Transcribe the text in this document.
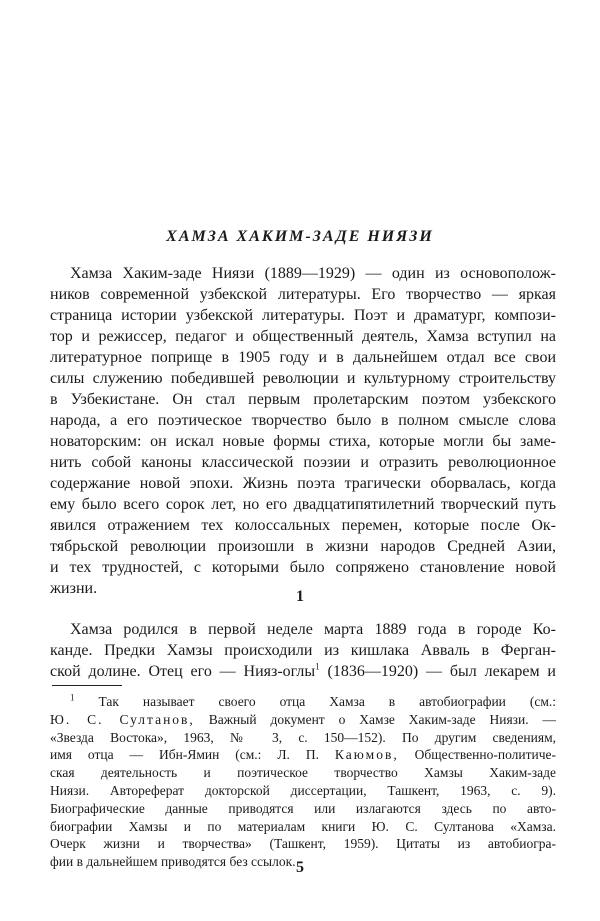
ХАМЗА ХАКИМ-ЗАДЕ НИЯЗИ
Хамза Хаким-заде Ниязи (1889—1929) — один из основополож-
ников современной узбекской литературы. Его творчество — яркая
страница истории узбекской литературы. Поэт и драматург, компози-
тор и режиссер, педагог и общественный деятель, Хамза вступил на
литературное поприще в 1905 году и в дальнейшем отдал все свои
силы служению победившей революции и культурному строительству
в Узбекистане. Он стал первым пролетарским поэтом узбекского
народа, а его поэтическое творчество было в полном смысле слова
новаторским: он искал новые формы стиха, которые могли бы заме-
нить собой каноны классической поэзии и отразить революционное
содержание новой эпохи. Жизнь поэта трагически оборвалась, когда
ему было всего сорок лет, но его двадцатипятилетний творческий путь
явился отражением тех колоссальных перемен, которые после Ок-
тябрьской революции произошли в жизни народов Средней Азии,
и тех трудностей, с которыми было сопряжено становление новой
жизни.	1
Хамза родился в первой неделе марта 1889 года в городе Ко-
канде. Предки Хамзы происходили из кишлака Авваль в Ферган-
ской долине. Отец его — Нияз-оглы$^1$ (1836—1920) — был лекарем и
$^1$ Так называет своего отца Хамза в автобиографии (см.:
Ю. С. Султанов, Важный документ о Хамзе Хаким-заде Ниязи. —
«Звезда Востока», 1963, № 3, с. 150—152). По другим сведениям,
имя отца — Ибн-Ямин (см.: Л. П. Каюмов, Общественно-политиче-
ская деятельность и поэтическое творчество Хамзы Хаким-заде
Ниязи. Автореферат докторской диссертации, Ташкент, 1963, с. 9).
Биографические данные приводятся или излагаются здесь по авто-
биографии Хамзы и по материалам книги Ю. С. Султанова «Хамза.
Очерк жизни и творчества» (Ташкент, 1959). Цитаты из автобиогра-
фии в дальнейшем приводятся без ссылок. 5
